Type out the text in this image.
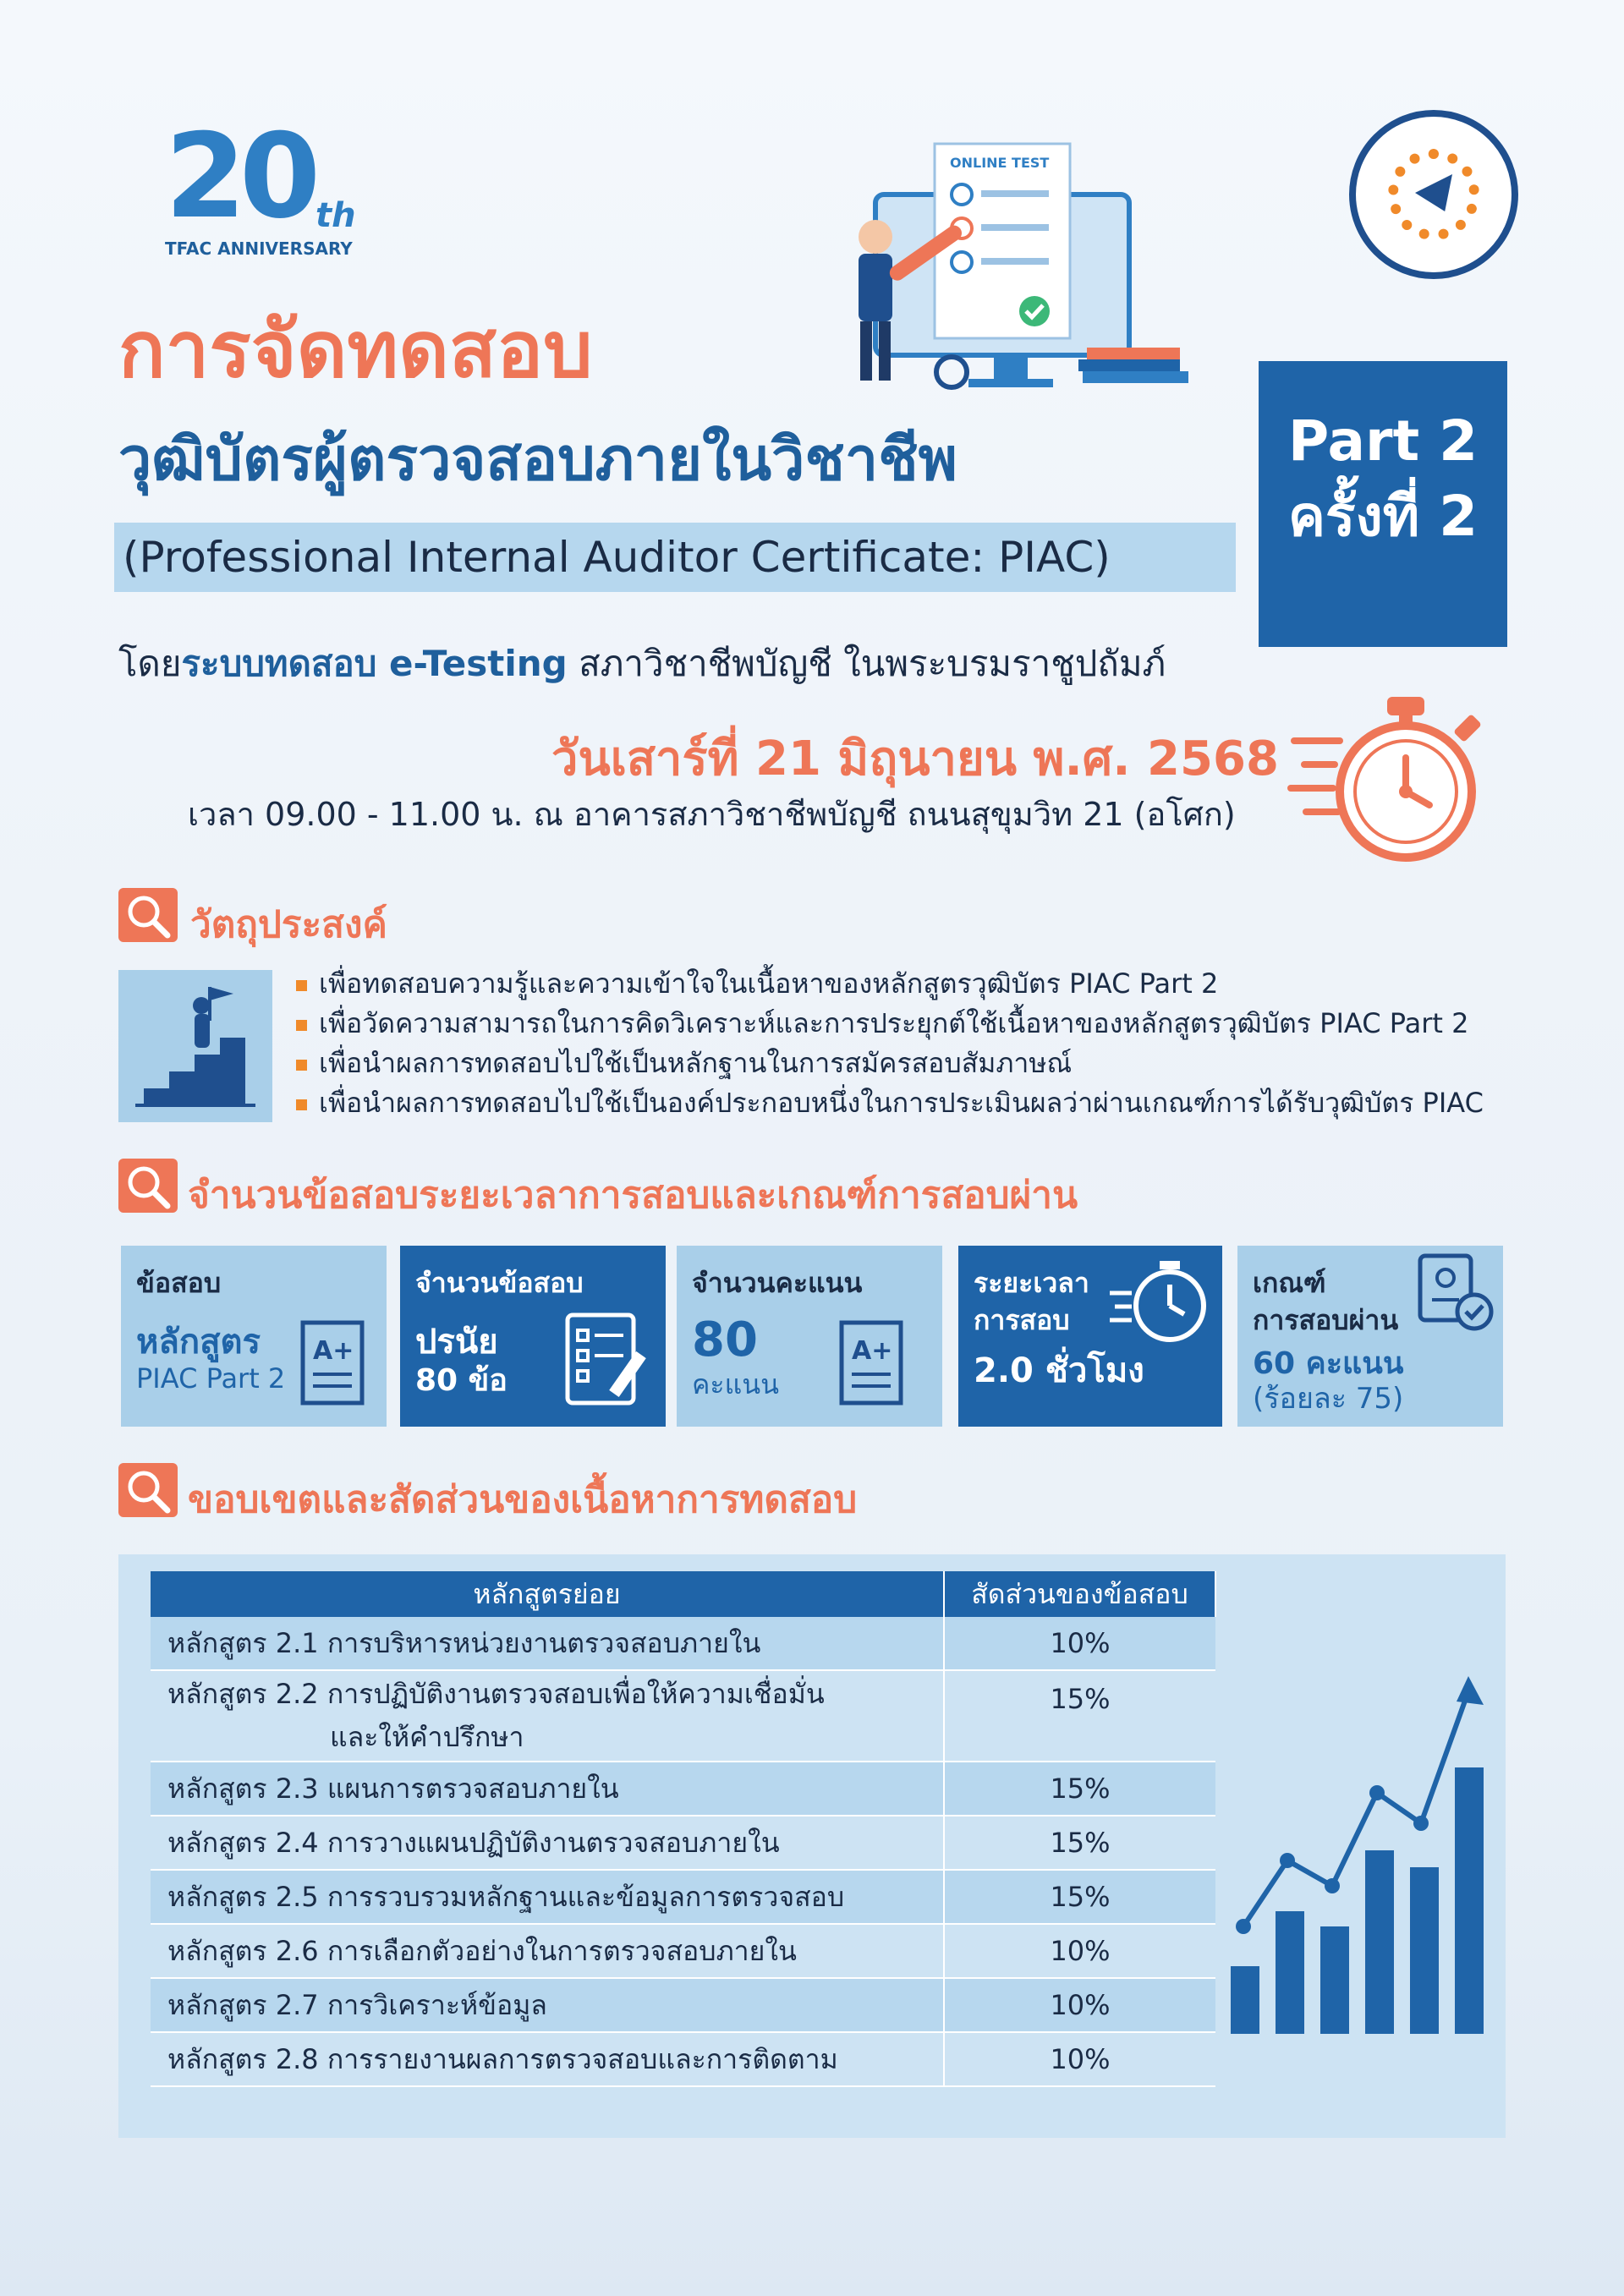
20 th
TFAC ANNIVERSARY
ONLINE TEST
การจัดทดสอบ
วุฒิบัตรผู้ตรวจสอบภายในวิชาชีพ
(Professional Internal Auditor Certificate: PIAC)
Part 2
ครั้งที่ 2
โดยระบบทดสอบ e-Testing สภาวิชาชีพบัญชี ในพระบรมราชูปถัมภ์
วันเสาร์ที่ 21 มิถุนายน พ.ศ. 2568
เวลา 09.00 - 11.00 น. ณ อาคารสภาวิชาชีพบัญชี ถนนสุขุมวิท 21 (อโศก)
วัตถุประสงค์
เพื่อทดสอบความรู้และความเข้าใจในเนื้อหาของหลักสูตรวุฒิบัตร PIAC Part 2
เพื่อวัดความสามารถในการคิดวิเคราะห์และการประยุกต์ใช้เนื้อหาของหลักสูตรวุฒิบัตร PIAC Part 2
เพื่อนำผลการทดสอบไปใช้เป็นหลักฐานในการสมัครสอบสัมภาษณ์
เพื่อนำผลการทดสอบไปใช้เป็นองค์ประกอบหนึ่งในการประเมินผลว่าผ่านเกณฑ์การได้รับวุฒิบัตร PIAC
จำนวนข้อสอบระยะเวลาการสอบและเกณฑ์การสอบผ่าน
ข้อสอบ
หลักสูตร
PIAC Part 2
A+
จำนวนข้อสอบ
ปรนัย
80 ข้อ
จำนวนคะแนน
80
คะแนน
A+
ระยะเวลา
การสอบ
2.0 ชั่วโมง
เกณฑ์
การสอบผ่าน
60 คะแนน
(ร้อยละ 75)
ขอบเขตและสัดส่วนของเนื้อหาการทดสอบ
หลักสูตรย่อย	สัดส่วนของข้อสอบ
หลักสูตร 2.1 การบริหารหน่วยงานตรวจสอบภายใน	10%

หลักสูตร 2.2 การปฏิบัติงานตรวจสอบเพื่อให้ความเชื่อมั่น
และให้คำปรึกษา	15%
หลักสูตร 2.3 แผนการตรวจสอบภายใน	15%
หลักสูตร 2.4 การวางแผนปฏิบัติงานตรวจสอบภายใน	15%
หลักสูตร 2.5 การรวบรวมหลักฐานและข้อมูลการตรวจสอบ	15%
หลักสูตร 2.6 การเลือกตัวอย่างในการตรวจสอบภายใน	10%
หลักสูตร 2.7 การวิเคราะห์ข้อมูล	10%
หลักสูตร 2.8 การรายงานผลการตรวจสอบและการติดตาม	10%
